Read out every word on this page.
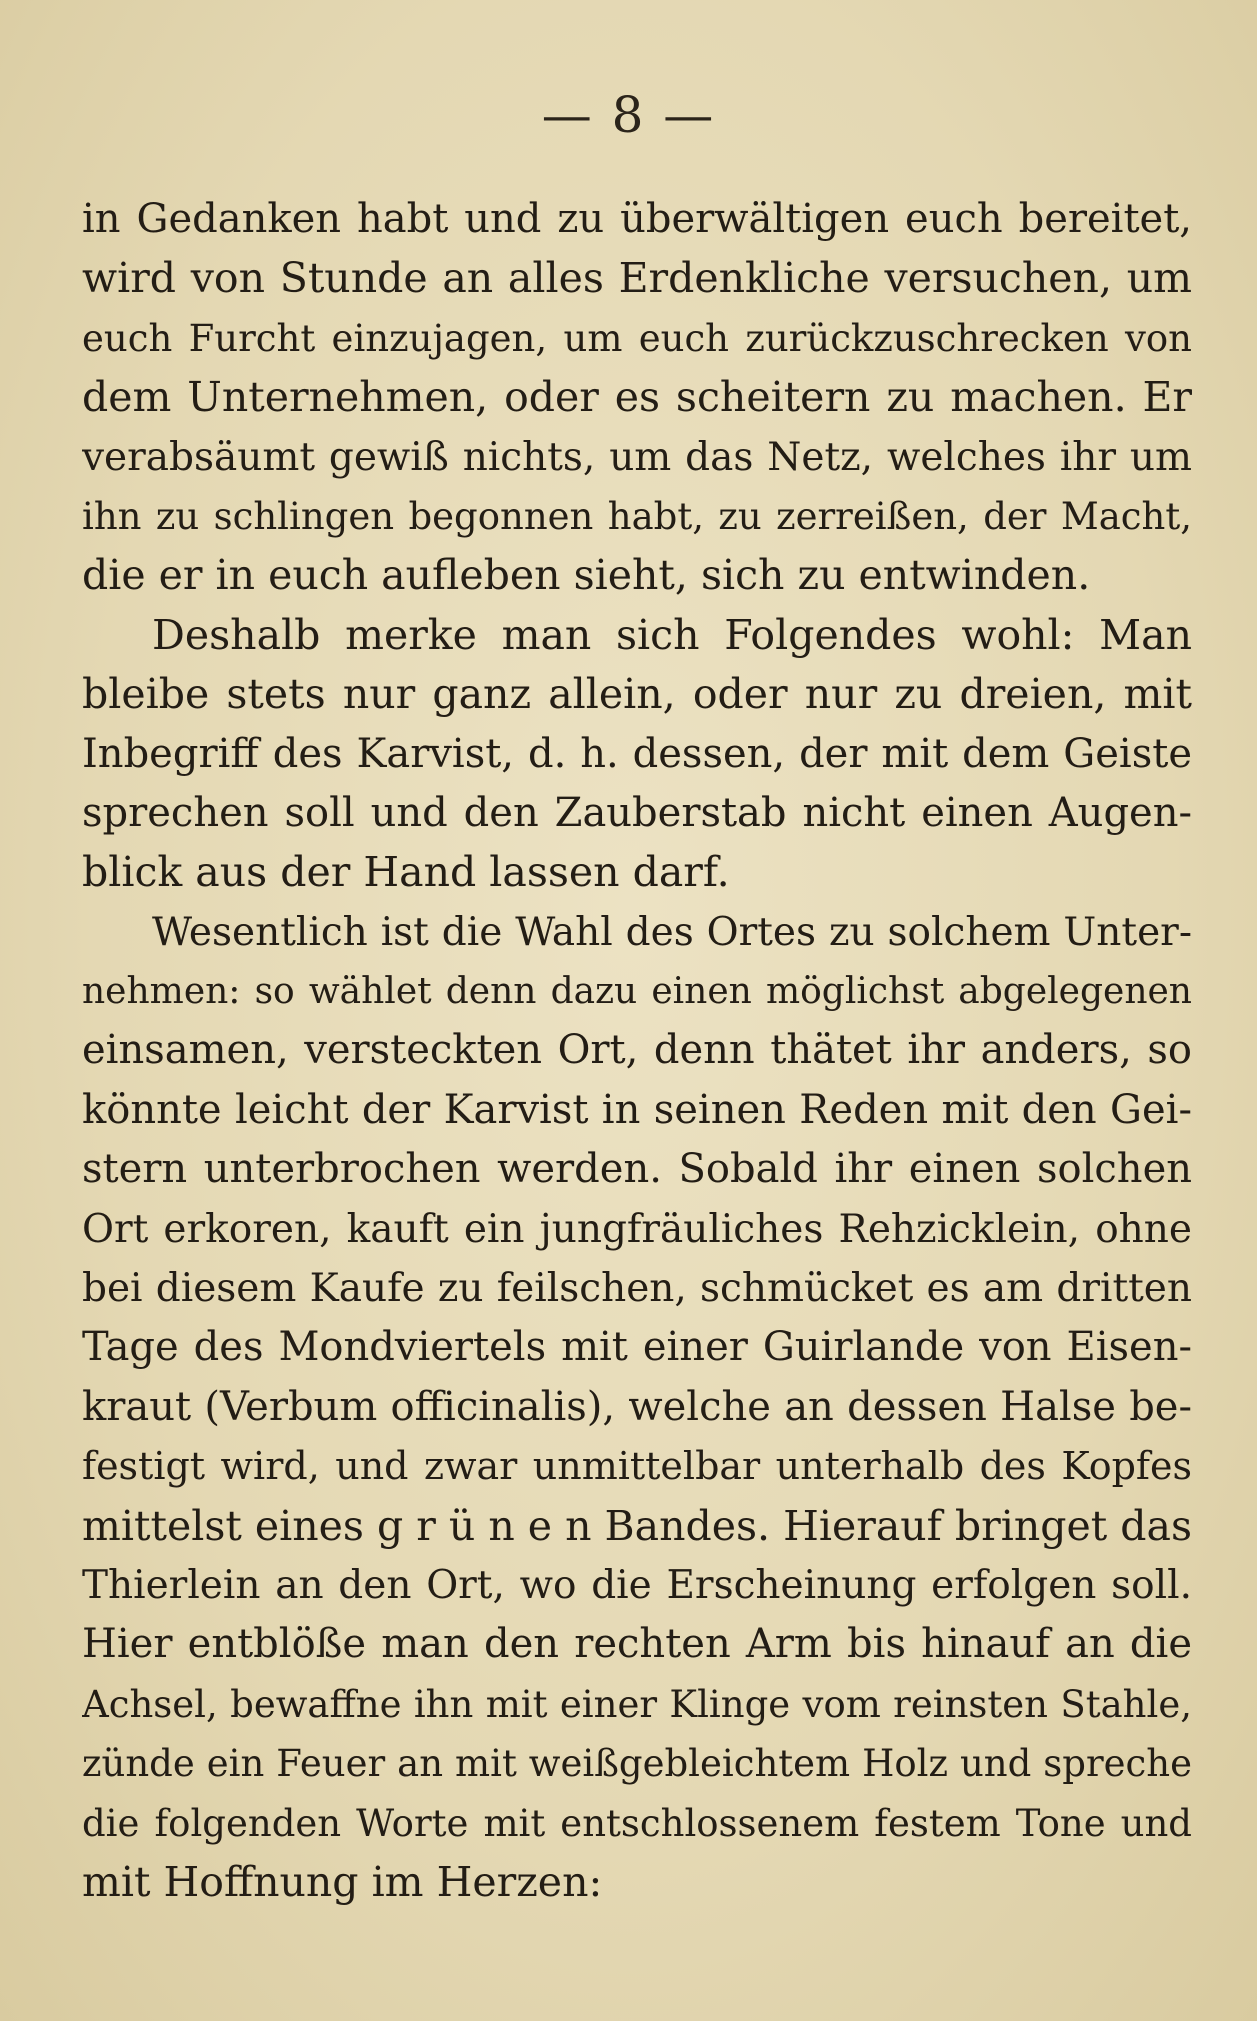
— 8 —
in Gedanken habt und zu überwältigen euch bereitet,
wird von Stunde an alles Erdenkliche versuchen, um
euch Furcht einzujagen, um euch zurückzuschrecken von
dem Unternehmen, oder es scheitern zu machen. Er
verabsäumt gewiß nichts, um das Netz, welches ihr um
ihn zu schlingen begonnen habt, zu zerreißen, der Macht,
die er in euch aufleben sieht, sich zu entwinden.
Deshalb merke man sich Folgendes wohl: Man
bleibe stets nur ganz allein, oder nur zu dreien, mit
Inbegriff des Karvist, d. h. dessen, der mit dem Geiste
sprechen soll und den Zauberstab nicht einen Augen-
blick aus der Hand lassen darf.
Wesentlich ist die Wahl des Ortes zu solchem Unter-
nehmen: so wählet denn dazu einen möglichst abgelegenen
einsamen, versteckten Ort, denn thätet ihr anders, so
könnte leicht der Karvist in seinen Reden mit den Gei-
stern unterbrochen werden. Sobald ihr einen solchen
Ort erkoren, kauft ein jungfräuliches Rehzicklein, ohne
bei diesem Kaufe zu feilschen, schmücket es am dritten
Tage des Mondviertels mit einer Guirlande von Eisen-
kraut (Verbum officinalis), welche an dessen Halse be-
festigt wird, und zwar unmittelbar unterhalb des Kopfes
mittelst eines g r ü n e n Bandes. Hierauf bringet das
Thierlein an den Ort, wo die Erscheinung erfolgen soll.
Hier entblöße man den rechten Arm bis hinauf an die
Achsel, bewaffne ihn mit einer Klinge vom reinsten Stahle,
zünde ein Feuer an mit weißgebleichtem Holz und spreche
die folgenden Worte mit entschlossenem festem Tone und
mit Hoffnung im Herzen:
